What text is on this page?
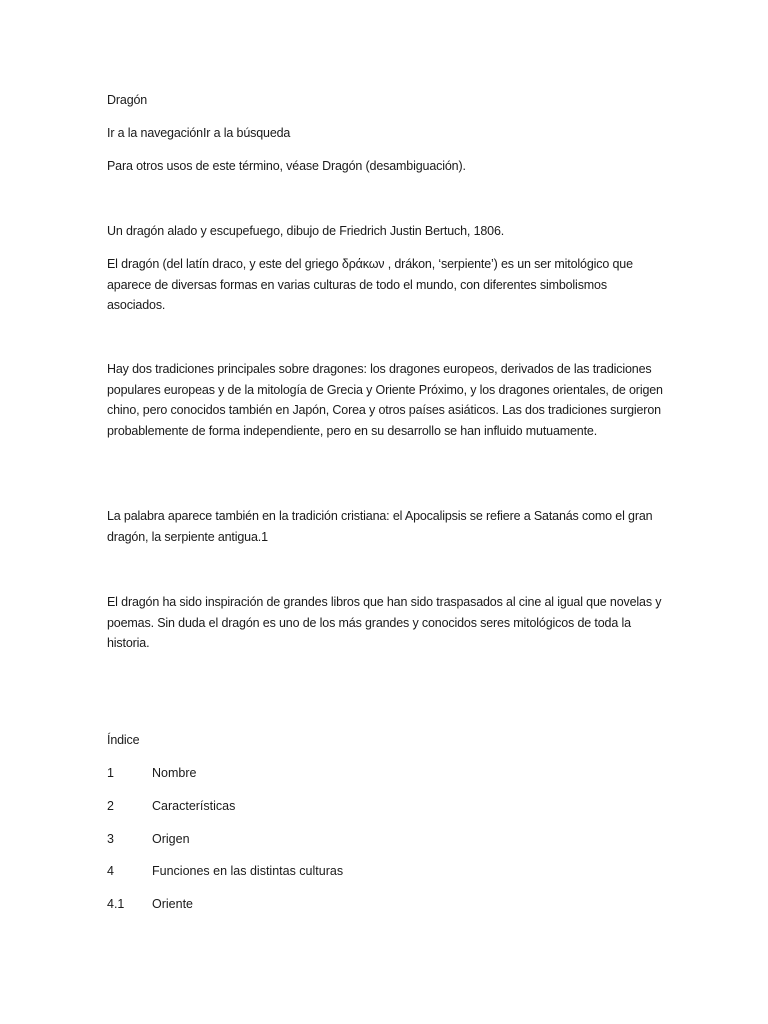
Dragón

Ir a la navegaciónIr a la búsqueda

Para otros usos de este término, véase Dragón (desambiguación).

Un dragón alado y escupefuego, dibujo de Friedrich Justin Bertuch, 1806.

El dragón (del latín draco, y este del griego δράκων , drákon, ‘serpiente’) es un ser mitológico que aparece de diversas formas en varias culturas de todo el mundo, con diferentes simbolismos asociados.

Hay dos tradiciones principales sobre dragones: los dragones europeos, derivados de las tradiciones populares europeas y de la mitología de Grecia y Oriente Próximo, y los dragones orientales, de origen chino, pero conocidos también en Japón, Corea y otros países asiáticos. Las dos tradiciones surgieron probablemente de forma independiente, pero en su desarrollo se han influido mutuamente.

La palabra aparece también en la tradición cristiana: el Apocalipsis se refiere a Satanás como el gran dragón, la serpiente antigua.1

El dragón ha sido inspiración de grandes libros que han sido traspasados al cine al igual que novelas y poemas. Sin duda el dragón es uno de los más grandes y conocidos seres mitológicos de toda la historia.

Índice

1	Nombre

2	Características

3	Origen

4	Funciones en las distintas culturas

4.1 Oriente
